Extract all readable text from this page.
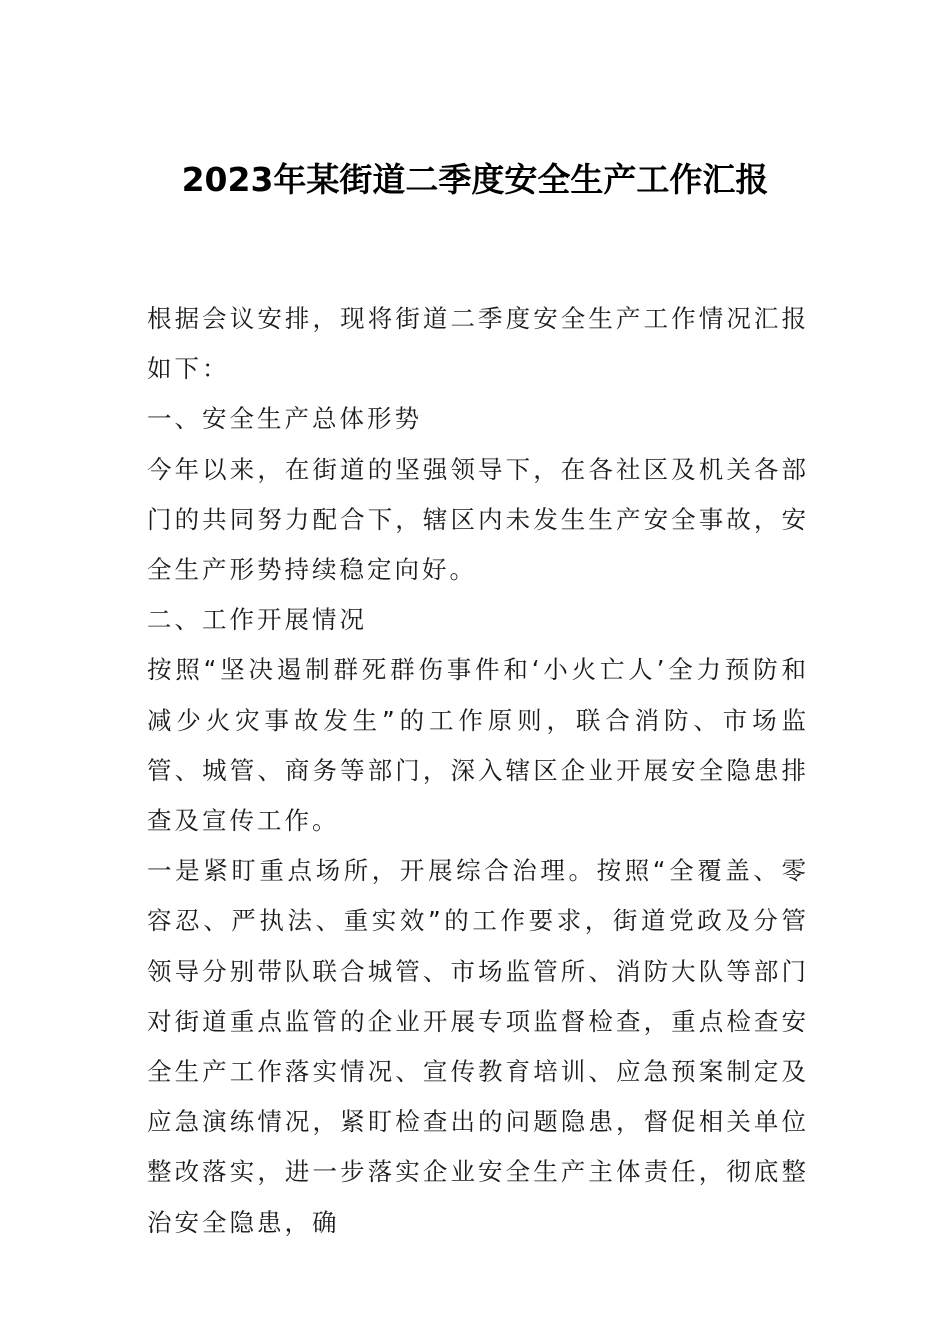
2023年某街道二季度安全生产工作汇报

根据会议安排，现将街道二季度安全生产工作情况汇报如下：

一、安全生产总体形势

今年以来，在街道的坚强领导下，在各社区及机关各部门的共同努力配合下，辖区内未发生生产安全事故，安全生产形势持续稳定向好。

二、工作开展情况

按照“坚决遏制群死群伤事件和‘小火亡人’全力预防和减少火灾事故发生”的工作原则，联合消防、市场监管、城管、商务等部门，深入辖区企业开展安全隐患排查及宣传工作。

一是紧盯重点场所，开展综合治理。按照“全覆盖、零容忍、严执法、重实效”的工作要求，街道党政及分管领导分别带队联合城管、市场监管所、消防大队等部门对街道重点监管的企业开展专项监督检查，重点检查安全生产工作落实情况、宣传教育培训、应急预案制定及应急演练情况，紧盯检查出的问题隐患，督促相关单位整改落实，进一步落实企业安全生产主体责任，彻底整治安全隐患，确
